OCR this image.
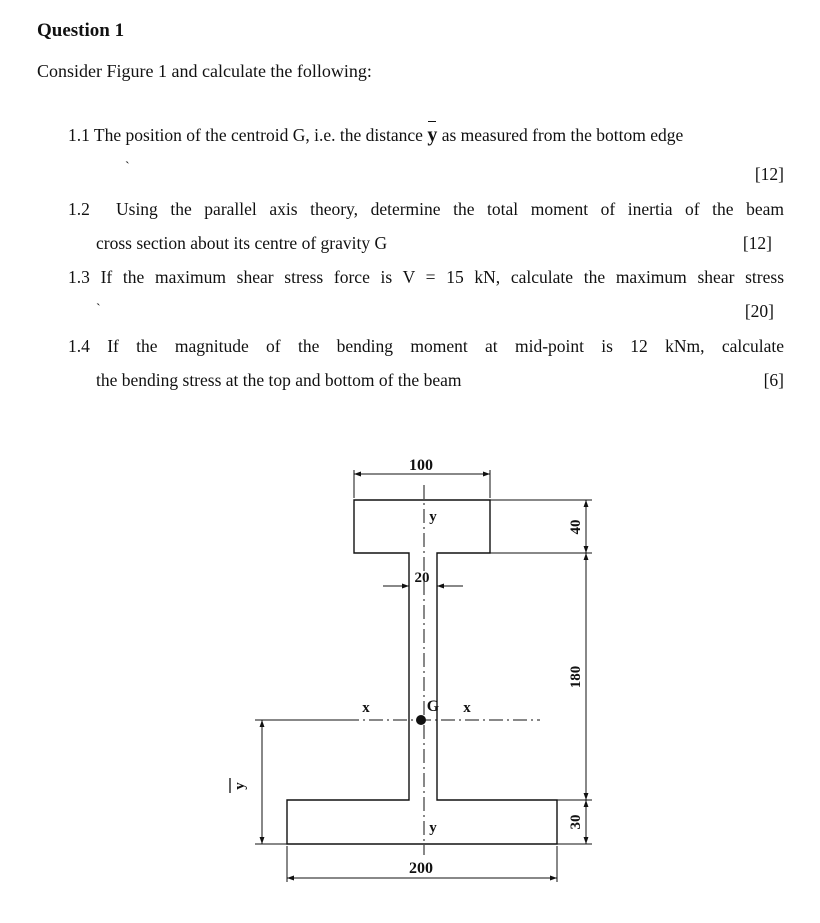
Question 1
Consider Figure 1 and calculate the following:
1.1 The position of the centroid G, i.e. the distance y as measured from the bottom edge
`	[12]
1.2 Using the parallel axis theory, determine the total moment of inertia of the beam
cross section about its centre of gravity G	[12]
1.3 If the maximum shear stress force is V = 15 kN, calculate the maximum shear stress
`	[20]
1.4 If the magnitude of the bending moment at mid-point is 12 kNm, calculate
the bending stress at the top and bottom of the beam	[6]
100
20
40
180
30
200
y
y
y
x	x
G
